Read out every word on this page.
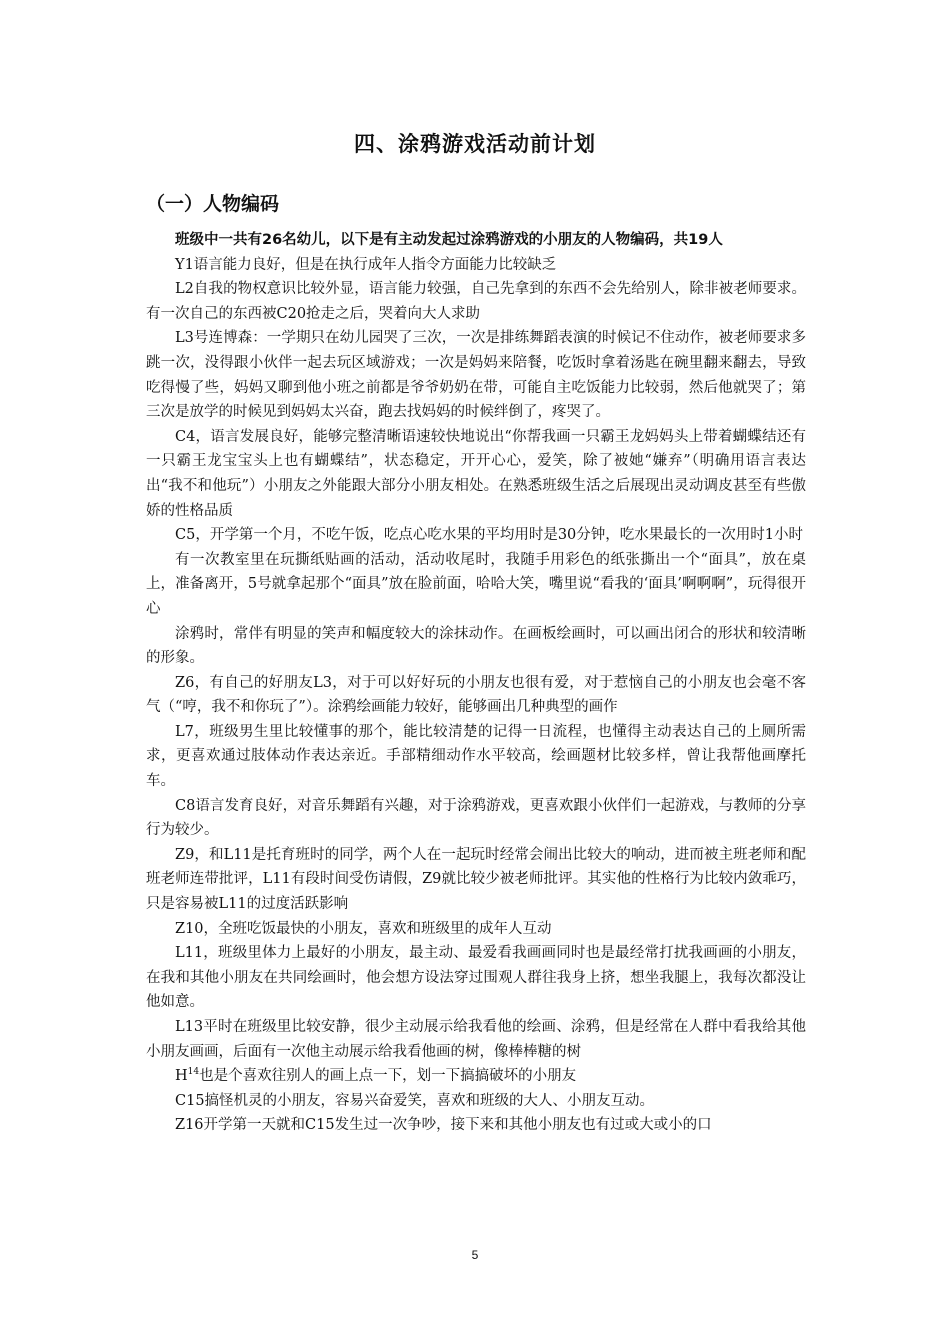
四、涂鸦游戏活动前计划
（一）人物编码

班级中一共有26名幼儿，以下是有主动发起过涂鸦游戏的小朋友的人物编码，共19人

Y1语言能力良好，但是在执行成年人指令方面能力比较缺乏

L2自我的物权意识比较外显，语言能力较强，自己先拿到的东西不会先给别人，除非被老师要求。有一次自己的东西被C20抢走之后，哭着向大人求助

L3号连博森：一学期只在幼儿园哭了三次，一次是排练舞蹈表演的时候记不住动作，被老师要求多跳一次，没得跟小伙伴一起去玩区域游戏；一次是妈妈来陪餐，吃饭时拿着汤匙在碗里翻来翻去，导致吃得慢了些，妈妈又聊到他小班之前都是爷爷奶奶在带，可能自主吃饭能力比较弱，然后他就哭了；第三次是放学的时候见到妈妈太兴奋，跑去找妈妈的时候绊倒了，疼哭了。

C4，语言发展良好，能够完整清晰语速较快地说出“你帮我画一只霸王龙妈妈头上带着蝴蝶结还有一只霸王龙宝宝头上也有蝴蝶结”，状态稳定，开开心心，爱笑，除了被她“嫌弃”（明确用语言表达出“我不和他玩”）小朋友之外能跟大部分小朋友相处。在熟悉班级生活之后展现出灵动调皮甚至有些傲娇的性格品质

C5，开学第一个月，不吃午饭，吃点心吃水果的平均用时是30分钟，吃水果最长的一次用时1小时

有一次教室里在玩撕纸贴画的活动，活动收尾时，我随手用彩色的纸张撕出一个“面具”，放在桌上，准备离开，5号就拿起那个“面具”放在脸前面，哈哈大笑，嘴里说“看我的‘面具’啊啊啊”，玩得很开心

涂鸦时，常伴有明显的笑声和幅度较大的涂抹动作。在画板绘画时，可以画出闭合的形状和较清晰的形象。

Z6，有自己的好朋友L3，对于可以好好玩的小朋友也很有爱，对于惹恼自己的小朋友也会毫不客气（“哼，我不和你玩了”）。涂鸦绘画能力较好，能够画出几种典型的画作

L7，班级男生里比较懂事的那个，能比较清楚的记得一日流程，也懂得主动表达自己的上厕所需求，更喜欢通过肢体动作表达亲近。手部精细动作水平较高，绘画题材比较多样，曾让我帮他画摩托车。

C8语言发育良好，对音乐舞蹈有兴趣，对于涂鸦游戏，更喜欢跟小伙伴们一起游戏，与教师的分享行为较少。

Z9，和L11是托育班时的同学，两个人在一起玩时经常会闹出比较大的响动，进而被主班老师和配班老师连带批评，L11有段时间受伤请假，Z9就比较少被老师批评。其实他的性格行为比较内敛乖巧，只是容易被L11的过度活跃影响

Z10，全班吃饭最快的小朋友，喜欢和班级里的成年人互动

L11，班级里体力上最好的小朋友，最主动、最爱看我画画同时也是最经常打扰我画画的小朋友，在我和其他小朋友在共同绘画时，他会想方设法穿过围观人群往我身上挤，想坐我腿上，我每次都没让他如意。

L13平时在班级里比较安静，很少主动展示给我看他的绘画、涂鸦，但是经常在人群中看我给其他小朋友画画，后面有一次他主动展示给我看他画的树，像棒棒糖的树

$H^{14}$也是个喜欢往别人的画上点一下，划一下搞搞破坏的小朋友

C15搞怪机灵的小朋友，容易兴奋爱笑，喜欢和班级的大人、小朋友互动。

Z16开学第一天就和C15发生过一次争吵，接下来和其他小朋友也有过或大或小的口

5
